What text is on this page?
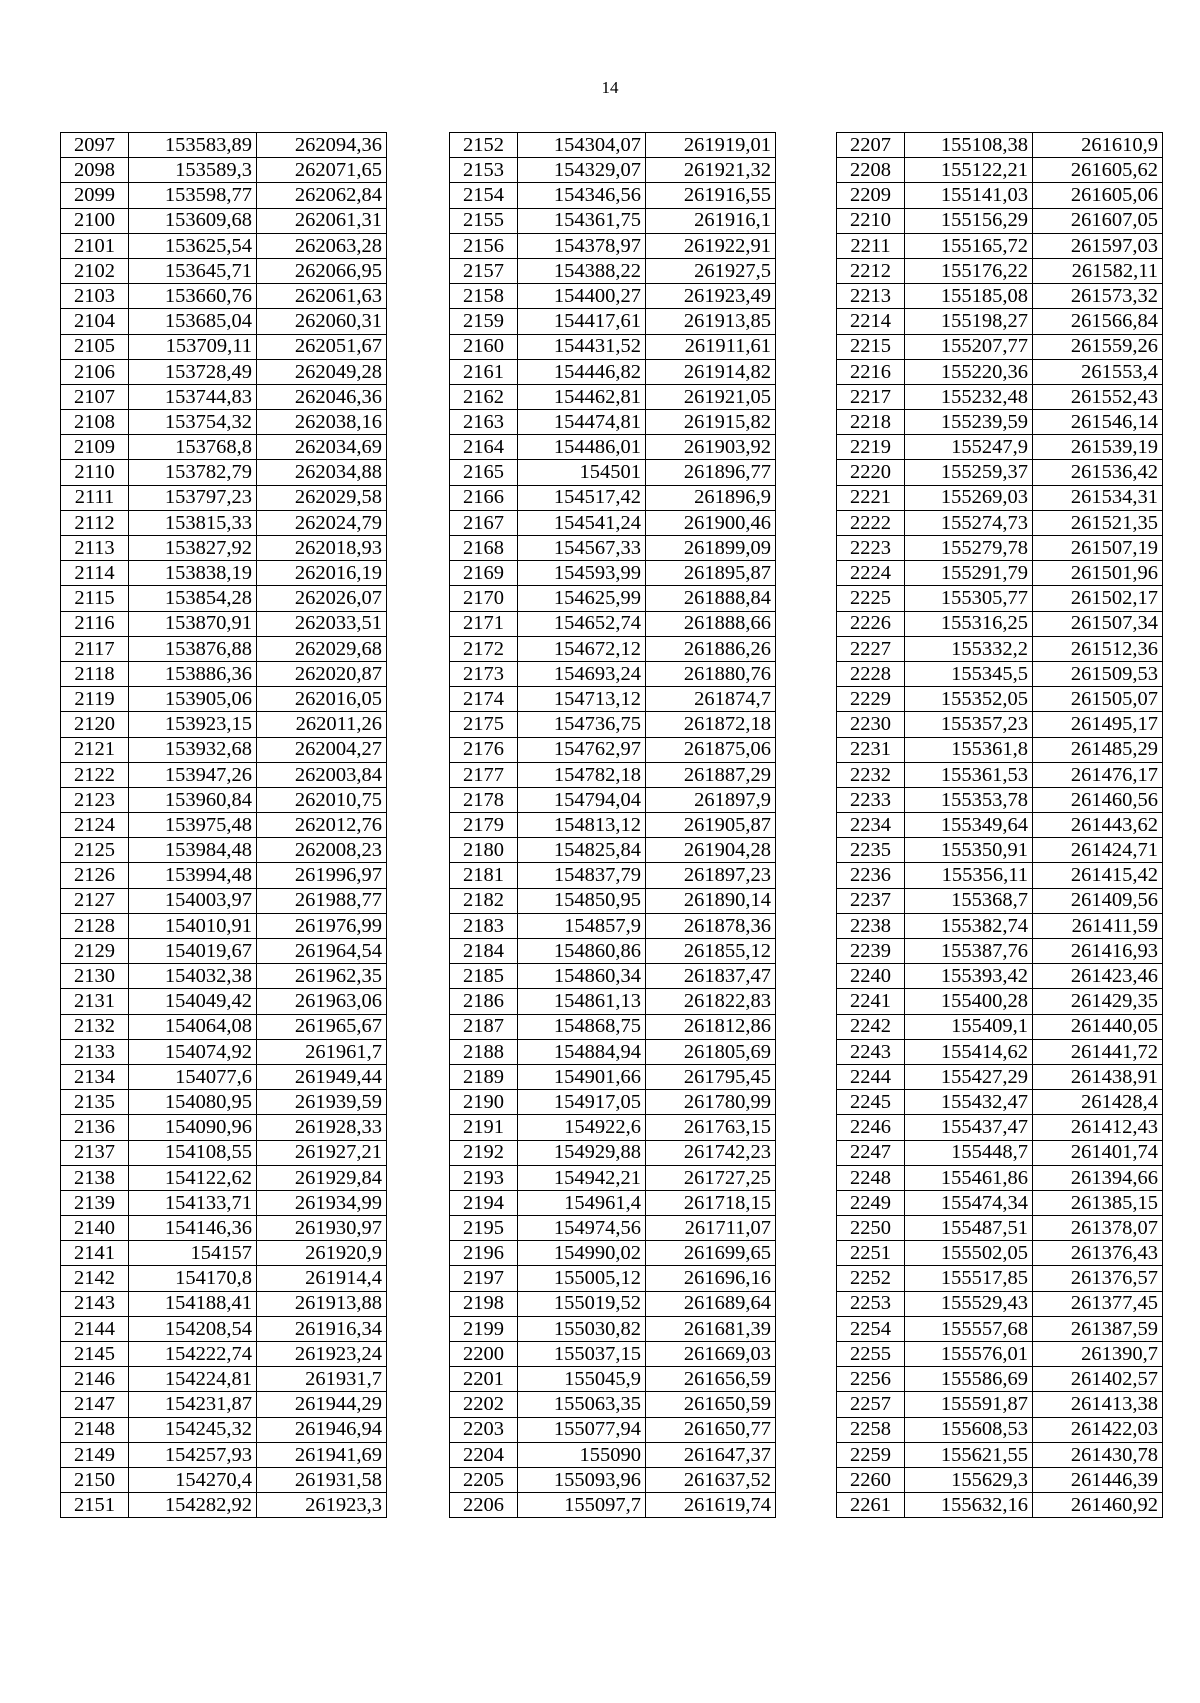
14
2097	153583,89	262094,36
2098	153589,3	262071,65
2099	153598,77	262062,84
2100	153609,68	262061,31
2101	153625,54	262063,28
2102	153645,71	262066,95
2103	153660,76	262061,63
2104	153685,04	262060,31
2105	153709,11	262051,67
2106	153728,49	262049,28
2107	153744,83	262046,36
2108	153754,32	262038,16
2109	153768,8	262034,69
2110	153782,79	262034,88
2111	153797,23	262029,58
2112	153815,33	262024,79
2113	153827,92	262018,93
2114	153838,19	262016,19
2115	153854,28	262026,07
2116	153870,91	262033,51
2117	153876,88	262029,68
2118	153886,36	262020,87
2119	153905,06	262016,05
2120	153923,15	262011,26
2121	153932,68	262004,27
2122	153947,26	262003,84
2123	153960,84	262010,75
2124	153975,48	262012,76
2125	153984,48	262008,23
2126	153994,48	261996,97
2127	154003,97	261988,77
2128	154010,91	261976,99
2129	154019,67	261964,54
2130	154032,38	261962,35
2131	154049,42	261963,06
2132	154064,08	261965,67
2133	154074,92	261961,7
2134	154077,6	261949,44
2135	154080,95	261939,59
2136	154090,96	261928,33
2137	154108,55	261927,21
2138	154122,62	261929,84
2139	154133,71	261934,99
2140	154146,36	261930,97
2141	154157	261920,9
2142	154170,8	261914,4
2143	154188,41	261913,88
2144	154208,54	261916,34
2145	154222,74	261923,24
2146	154224,81	261931,7
2147	154231,87	261944,29
2148	154245,32	261946,94
2149	154257,93	261941,69
2150	154270,4	261931,58
2151	154282,92	261923,3
2152	154304,07	261919,01
2153	154329,07	261921,32
2154	154346,56	261916,55
2155	154361,75	261916,1
2156	154378,97	261922,91
2157	154388,22	261927,5
2158	154400,27	261923,49
2159	154417,61	261913,85
2160	154431,52	261911,61
2161	154446,82	261914,82
2162	154462,81	261921,05
2163	154474,81	261915,82
2164	154486,01	261903,92
2165	154501	261896,77
2166	154517,42	261896,9
2167	154541,24	261900,46
2168	154567,33	261899,09
2169	154593,99	261895,87
2170	154625,99	261888,84
2171	154652,74	261888,66
2172	154672,12	261886,26
2173	154693,24	261880,76
2174	154713,12	261874,7
2175	154736,75	261872,18
2176	154762,97	261875,06
2177	154782,18	261887,29
2178	154794,04	261897,9
2179	154813,12	261905,87
2180	154825,84	261904,28
2181	154837,79	261897,23
2182	154850,95	261890,14
2183	154857,9	261878,36
2184	154860,86	261855,12
2185	154860,34	261837,47
2186	154861,13	261822,83
2187	154868,75	261812,86
2188	154884,94	261805,69
2189	154901,66	261795,45
2190	154917,05	261780,99
2191	154922,6	261763,15
2192	154929,88	261742,23
2193	154942,21	261727,25
2194	154961,4	261718,15
2195	154974,56	261711,07
2196	154990,02	261699,65
2197	155005,12	261696,16
2198	155019,52	261689,64
2199	155030,82	261681,39
2200	155037,15	261669,03
2201	155045,9	261656,59
2202	155063,35	261650,59
2203	155077,94	261650,77
2204	155090	261647,37
2205	155093,96	261637,52
2206	155097,7	261619,74
2207	155108,38	261610,9
2208	155122,21	261605,62
2209	155141,03	261605,06
2210	155156,29	261607,05
2211	155165,72	261597,03
2212	155176,22	261582,11
2213	155185,08	261573,32
2214	155198,27	261566,84
2215	155207,77	261559,26
2216	155220,36	261553,4
2217	155232,48	261552,43
2218	155239,59	261546,14
2219	155247,9	261539,19
2220	155259,37	261536,42
2221	155269,03	261534,31
2222	155274,73	261521,35
2223	155279,78	261507,19
2224	155291,79	261501,96
2225	155305,77	261502,17
2226	155316,25	261507,34
2227	155332,2	261512,36
2228	155345,5	261509,53
2229	155352,05	261505,07
2230	155357,23	261495,17
2231	155361,8	261485,29
2232	155361,53	261476,17
2233	155353,78	261460,56
2234	155349,64	261443,62
2235	155350,91	261424,71
2236	155356,11	261415,42
2237	155368,7	261409,56
2238	155382,74	261411,59
2239	155387,76	261416,93
2240	155393,42	261423,46
2241	155400,28	261429,35
2242	155409,1	261440,05
2243	155414,62	261441,72
2244	155427,29	261438,91
2245	155432,47	261428,4
2246	155437,47	261412,43
2247	155448,7	261401,74
2248	155461,86	261394,66
2249	155474,34	261385,15
2250	155487,51	261378,07
2251	155502,05	261376,43
2252	155517,85	261376,57
2253	155529,43	261377,45
2254	155557,68	261387,59
2255	155576,01	261390,7
2256	155586,69	261402,57
2257	155591,87	261413,38
2258	155608,53	261422,03
2259	155621,55	261430,78
2260	155629,3	261446,39
2261	155632,16	261460,92
